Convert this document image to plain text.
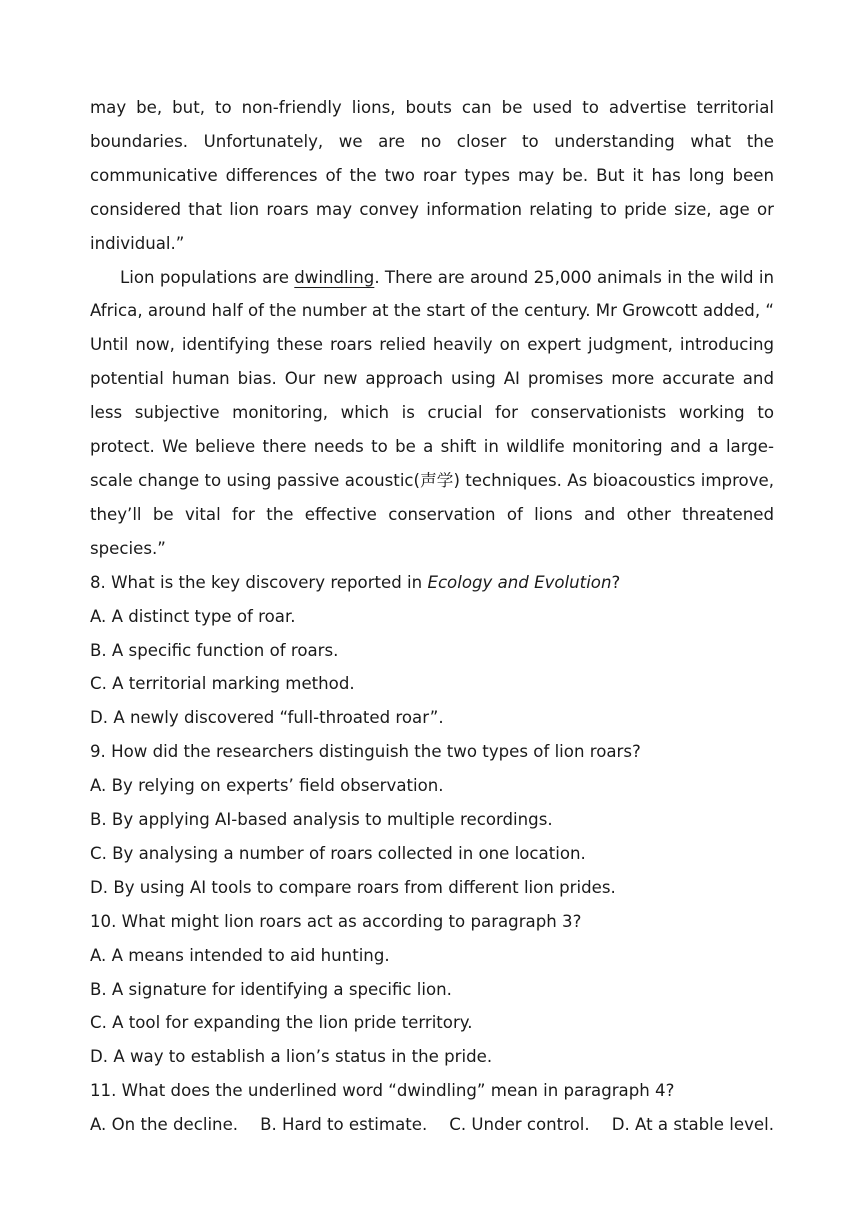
may be, but, to non-friendly lions, bouts can be used to advertise territorial boundaries. Unfortunately, we are no closer to understanding what the communicative differences of the two roar types may be. But it has long been considered that lion roars may convey information relating to pride size, age or individual.”

Lion populations are dwindling. There are around 25,000 animals in the wild in Africa, around half of the number at the start of the century. Mr Growcott added, “ Until now, identifying these roars relied heavily on expert judgment, introducing potential human bias. Our new approach using AI promises more accurate and less subjective monitoring, which is crucial for conservationists working to protect. We believe there needs to be a shift in wildlife monitoring and a large-scale change to using passive acoustic(声学) techniques. As bioacoustics improve, they’ll be vital for the effective conservation of lions and other threatened species.”

8. What is the key discovery reported in Ecology and Evolution?

A. A distinct type of roar.

B. A specific function of roars.

C. A territorial marking method.

D. A newly discovered “full-throated roar”.

9. How did the researchers distinguish the two types of lion roars?

A. By relying on experts’ field observation.

B. By applying AI-based analysis to multiple recordings.

C. By analysing a number of roars collected in one location.

D. By using AI tools to compare roars from different lion prides.

10. What might lion roars act as according to paragraph 3?

A. A means intended to aid hunting.

B. A signature for identifying a specific lion.

C. A tool for expanding the lion pride territory.

D. A way to establish a lion’s status in the pride.

11. What does the underlined word “dwindling” mean in paragraph 4?

A. On the decline. B. Hard to estimate. C. Under control. D. At a stable level.
